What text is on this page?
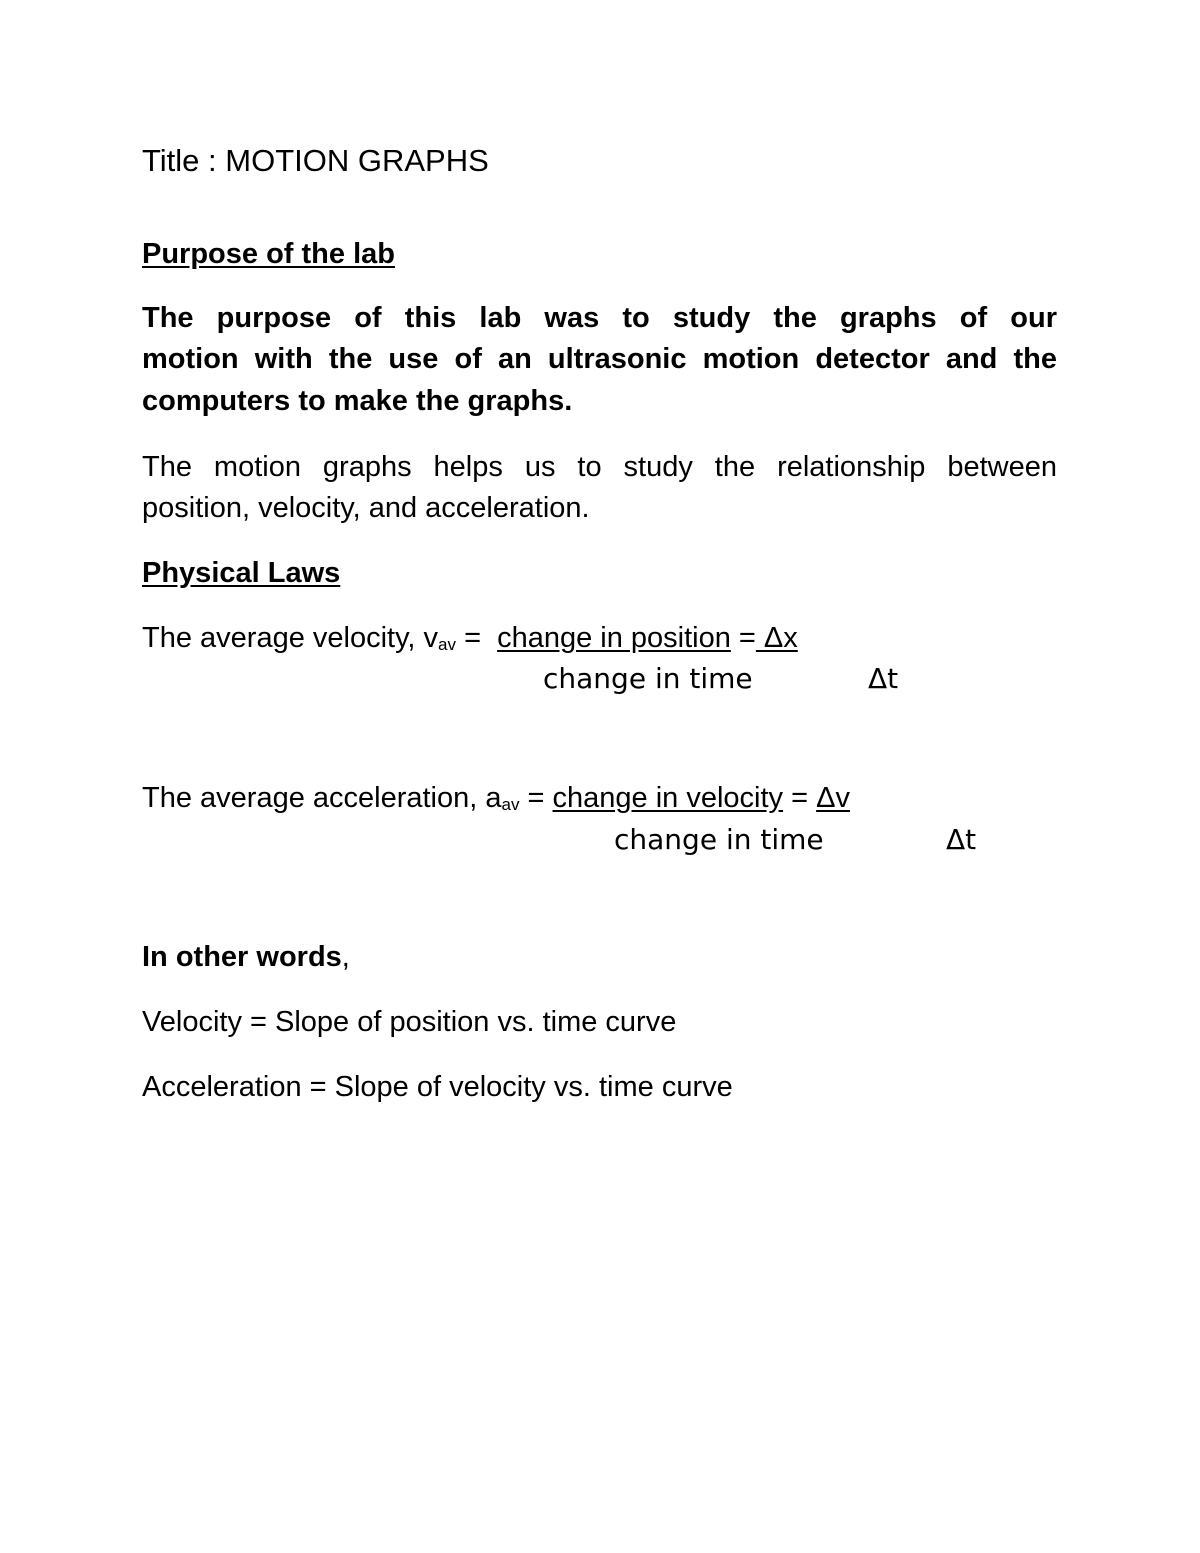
Title : MOTION GRAPHS
Purpose of the lab
The purpose of this lab was to study the graphs of our
motion with the use of an ultrasonic motion detector and the
computers to make the graphs.
The motion graphs helps us to study the relationship between
position, velocity, and acceleration.
Physical Laws
The average velocity, vav = change in position = Δx
change in time	Δt
The average acceleration, aav = change in velocity = Δv
change in time	Δt
In other words,
Velocity = Slope of position vs. time curve
Acceleration = Slope of velocity vs. time curve
